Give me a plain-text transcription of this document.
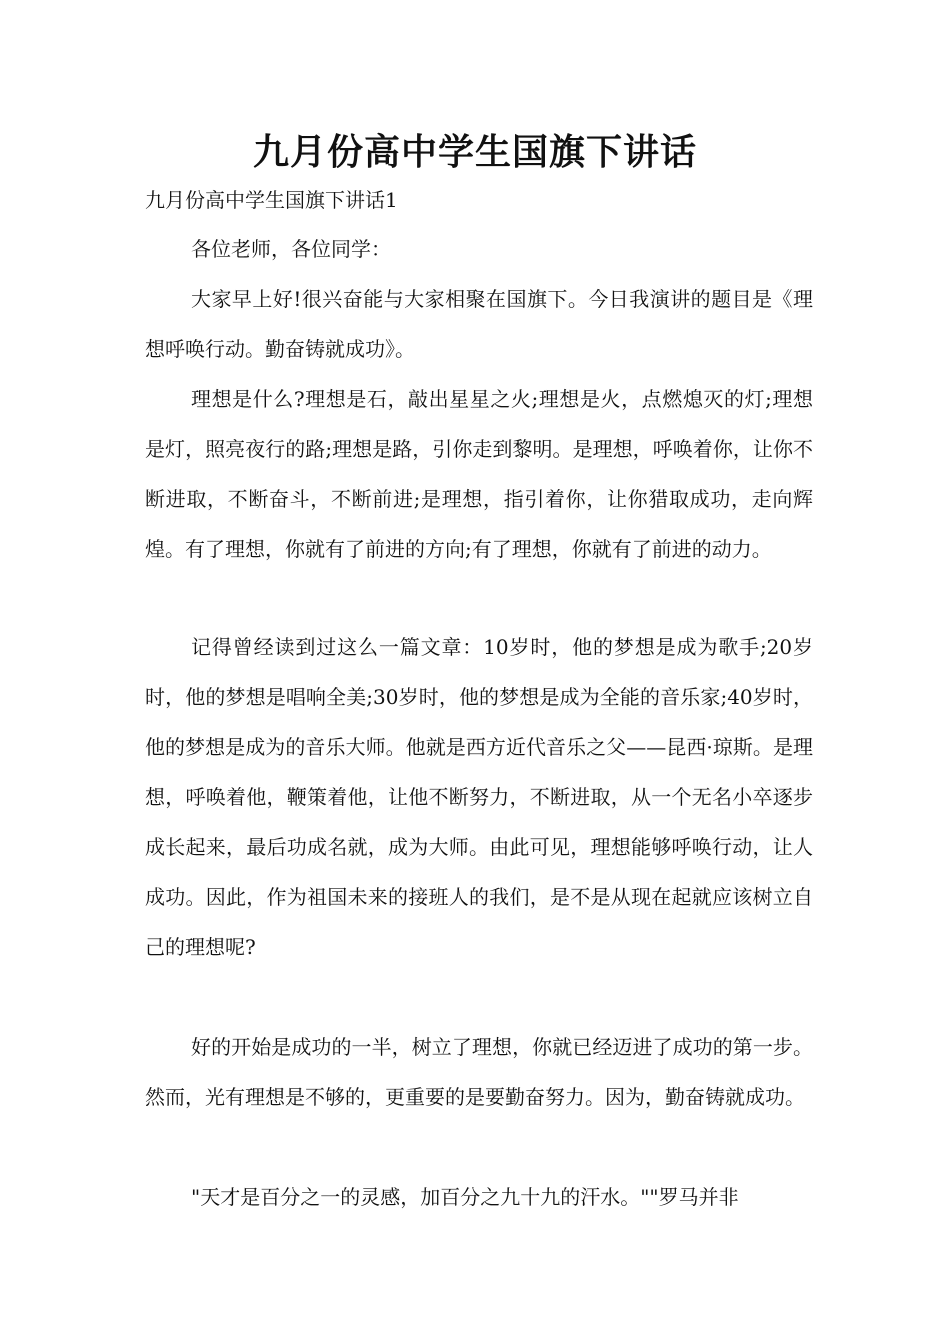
九月份高中学生国旗下讲话

九月份高中学生国旗下讲话1

各位老师，各位同学：

大家早上好!很兴奋能与大家相聚在国旗下。今日我演讲的题目是《理想呼唤行动。勤奋铸就成功》。

理想是什么?理想是石，敲出星星之火;理想是火，点燃熄灭的灯;理想是灯，照亮夜行的路;理想是路，引你走到黎明。是理想，呼唤着你，让你不断进取，不断奋斗，不断前进;是理想，指引着你，让你猎取成功，走向辉煌。有了理想，你就有了前进的方向;有了理想，你就有了前进的动力。

记得曾经读到过这么一篇文章：10岁时，他的梦想是成为歌手;20岁时，他的梦想是唱响全美;30岁时，他的梦想是成为全能的音乐家;40岁时，他的梦想是成为的音乐大师。他就是西方近代音乐之父——昆西·琼斯。是理想，呼唤着他，鞭策着他，让他不断努力，不断进取，从一个无名小卒逐步成长起来，最后功成名就，成为大师。由此可见，理想能够呼唤行动，让人成功。因此，作为祖国未来的接班人的我们，是不是从现在起就应该树立自己的理想呢?

好的开始是成功的一半，树立了理想，你就已经迈进了成功的第一步。然而，光有理想是不够的，更重要的是要勤奋努力。因为，勤奋铸就成功。

"天才是百分之一的灵感，加百分之九十九的汗水。""罗马并非
